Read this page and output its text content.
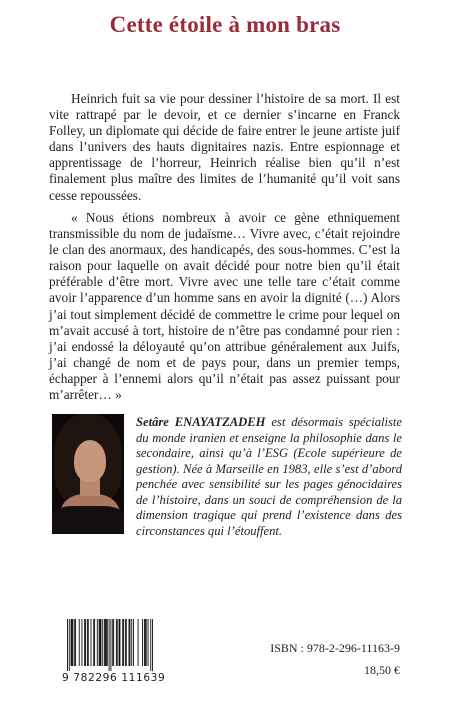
Cette étoile à mon bras

Heinrich fuit sa vie pour dessiner l’histoire de sa mort. Il est vite rattrapé par le devoir, et ce dernier s’incarne en Franck Folley, un diplomate qui décide de faire entrer le jeune artiste juif dans l’univers des hauts dignitaires nazis. Entre espionnage et apprentissage de l’horreur, Heinrich réalise bien qu’il n’est finalement plus maître des limites de l’humanité qu’il voit sans cesse repoussées.

« Nous étions nombreux à avoir ce gène ethniquement transmissible du nom de judaïsme… Vivre avec, c’était rejoindre le clan des anormaux, des handicapés, des sous-hommes. C’est la raison pour laquelle on avait décidé pour notre bien qu’il était préférable d’être mort. Vivre avec une telle tare c’était comme avoir l’apparence d’un homme sans en avoir la dignité (…) Alors j’ai tout simplement décidé de commettre le crime pour lequel on m’avait accusé à tort, histoire de n’être pas condamné pour rien : j’ai endossé la déloyauté qu’on attribue généralement aux Juifs, j’ai changé de nom et de pays pour, dans un premier temps, échapper à l’ennemi alors qu’il n’était pas assez puissant pour m’arrêter… »

Setâre ENAYATZADEH est désormais spécialiste du monde iranien et enseigne la philosophie dans le secondaire, ainsi qu’à l’ESG (Ecole supérieure de gestion). Née à Marseille en 1983, elle s’est d’abord penchée avec sensibilité sur les pages génocidaires de l’histoire, dans un souci de compréhension de la dimension tragique qui prend l’existence dans des circonstances qui l’étouffent.

9 782296 111639
ISBN : 978-2-296-11163-9
18,50 €
